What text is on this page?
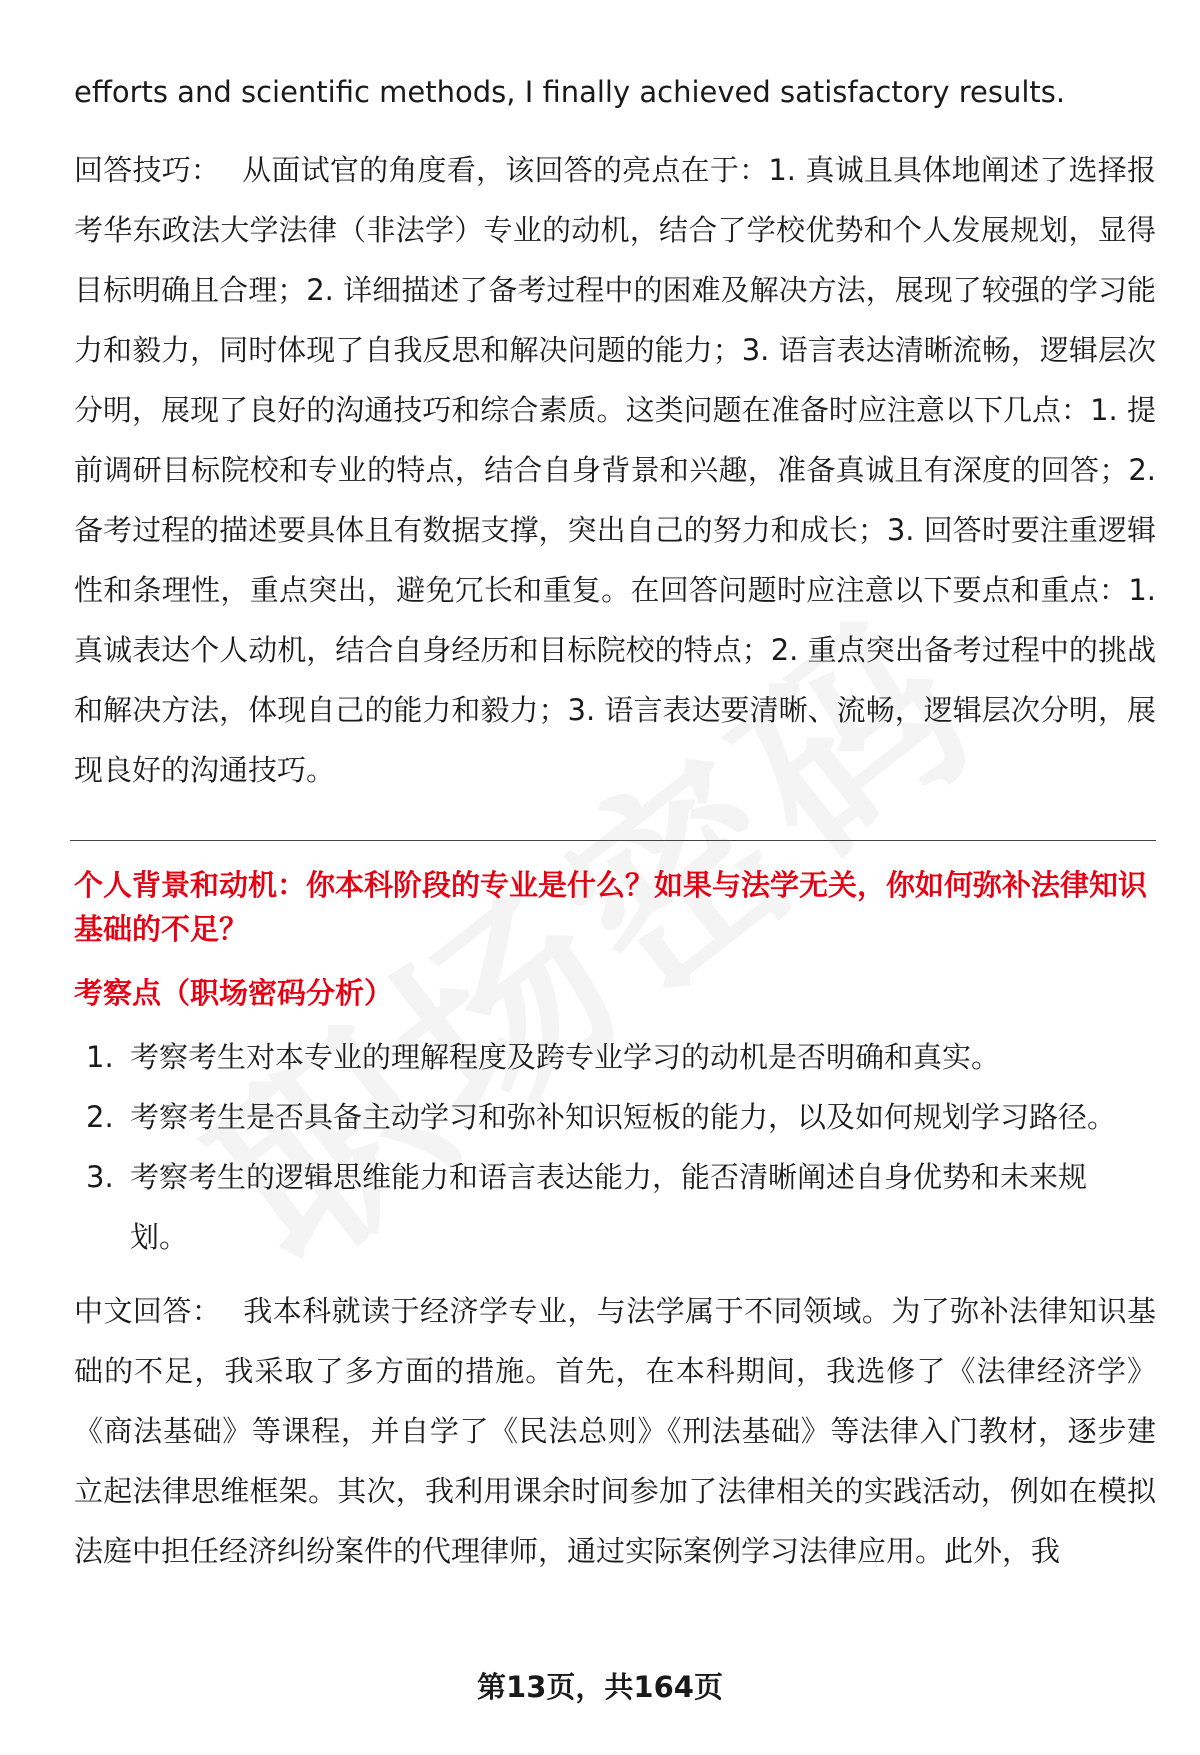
efforts and scientific methods, I finally achieved satisfactory results.

回答技巧： 从面试官的角度看，该回答的亮点在于：1. 真诚且具体地阐述了选择报考华东政法大学法律（非法学）专业的动机，结合了学校优势和个人发展规划，显得目标明确且合理；2. 详细描述了备考过程中的困难及解决方法，展现了较强的学习能力和毅力，同时体现了自我反思和解决问题的能力；3. 语言表达清晰流畅，逻辑层次分明，展现了良好的沟通技巧和综合素质。这类问题在准备时应注意以下几点：1. 提前调研目标院校和专业的特点，结合自身背景和兴趣，准备真诚且有深度的回答；2. 备考过程的描述要具体且有数据支撑，突出自己的努力和成长；3. 回答时要注重逻辑性和条理性，重点突出，避免冗长和重复。在回答问题时应注意以下要点和重点：1. 真诚表达个人动机，结合自身经历和目标院校的特点；2. 重点突出备考过程中的挑战和解决方法，体现自己的能力和毅力；3. 语言表达要清晰、流畅，逻辑层次分明，展现良好的沟通技巧。

个人背景和动机：你本科阶段的专业是什么？如果与法学无关，你如何弥补法律知识基础的不足？
考察点（职场密码分析）
1. 考察考生对本专业的理解程度及跨专业学习的动机是否明确和真实。
2. 考察考生是否具备主动学习和弥补知识短板的能力，以及如何规划学习路径。
3. 考察考生的逻辑思维能力和语言表达能力，能否清晰阐述自身优势和未来规划。

中文回答： 我本科就读于经济学专业，与法学属于不同领域。为了弥补法律知识基础的不足，我采取了多方面的措施。首先，在本科期间，我选修了《法律经济学》《商法基础》等课程，并自学了《民法总则》《刑法基础》等法律入门教材，逐步建立起法律思维框架。其次，我利用课余时间参加了法律相关的实践活动，例如在模拟法庭中担任经济纠纷案件的代理律师，通过实际案例学习法律应用。此外，我

第13页，共164页
